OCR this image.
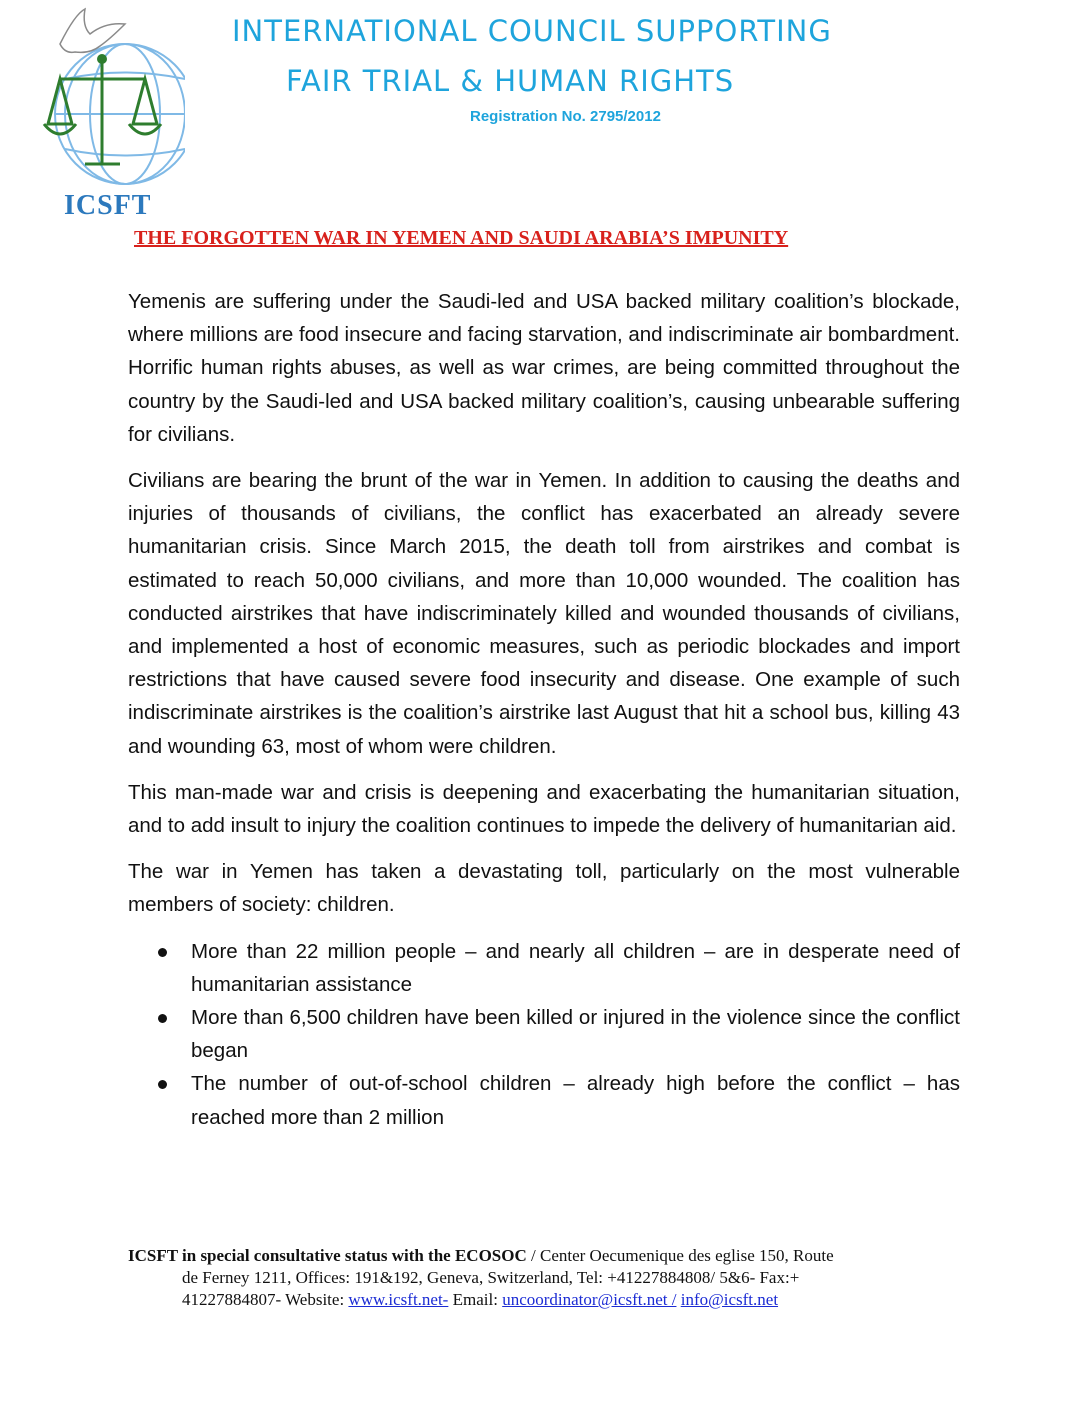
ICSFT
INTERNATIONAL COUNCIL SUPPORTING
FAIR TRIAL & HUMAN RIGHTS
Registration No. 2795/2012
THE FORGOTTEN WAR IN YEMEN AND SAUDI ARABIA’S IMPUNITY

Yemenis are suffering under the Saudi-led and USA backed military coalition’s blockade, where millions are food insecure and facing starvation, and indiscriminate air bombardment. Horrific human rights abuses, as well as war crimes, are being committed throughout the country by the Saudi-led and USA backed military coalition’s, causing unbearable suffering for civilians.

Civilians are bearing the brunt of the war in Yemen. In addition to causing the deaths and injuries of thousands of civilians, the conflict has exacerbated an already severe humanitarian crisis. Since March 2015, the death toll from airstrikes and combat is estimated to reach 50,000 civilians, and more than 10,000 wounded. The coalition has conducted airstrikes that have indiscriminately killed and wounded thousands of civilians, and implemented a host of economic measures, such as periodic blockades and import restrictions that have caused severe food insecurity and disease. One example of such indiscriminate airstrikes is the coalition’s airstrike last August that hit a school bus, killing 43 and wounding 63, most of whom were children.

This man-made war and crisis is deepening and exacerbating the humanitarian situation, and to add insult to injury the coalition continues to impede the delivery of humanitarian aid.

The war in Yemen has taken a devastating toll, particularly on the most vulnerable members of society: children.

More than 22 million people – and nearly all children – are in desperate need of humanitarian assistance
More than 6,500 children have been killed or injured in the violence since the conflict began
The number of out-of-school children – already high before the conflict – has reached more than 2 million
ICSFT in special consultative status with the ECOSOC / Center Oecumenique des eglise 150, Route
de Ferney 1211, Offices: 191&192, Geneva, Switzerland, Tel: +41227884808/ 5&6- Fax:+
41227884807- Website: www.icsft.net- Email: uncoordinator@icsft.net / info@icsft.net
